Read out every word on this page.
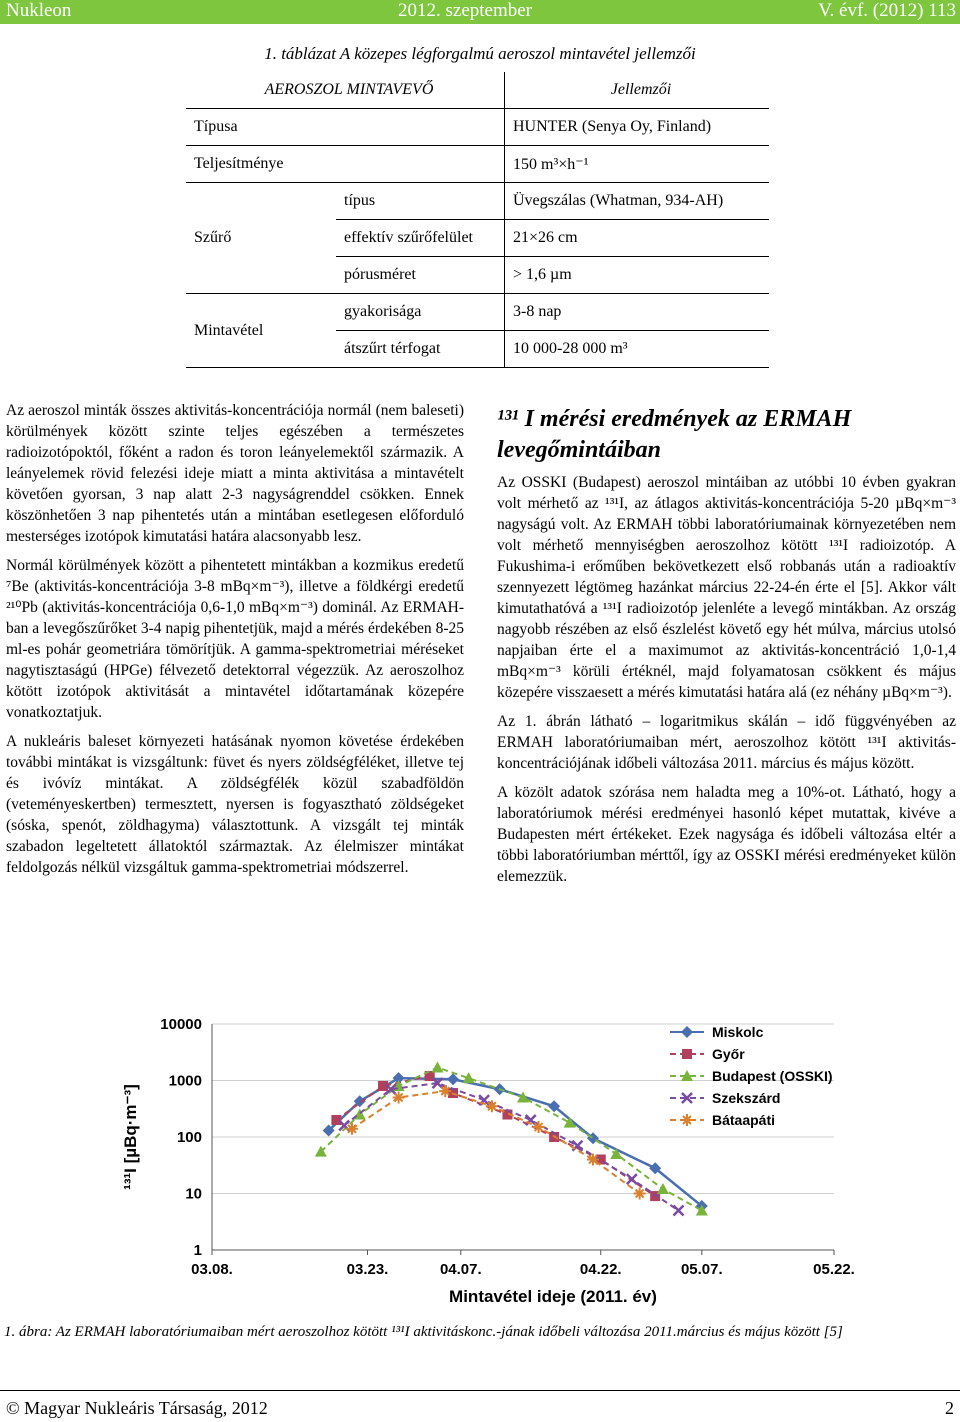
Nukleon	2012. szeptember	V. évf. (2012) 113
1. táblázat A közepes légforgalmú aeroszol mintavétel jellemzői
AEROSZOL MINTAVEVŐ		Jellemzői
Típusa		HUNTER (Senya Oy, Finland)
Teljesítménye		150 m³×h⁻¹
Szűrő	típus	Üvegszálas (Whatman, 934-AH)
	effektív szűrőfelület	21×26 cm
	pórusméret	> 1,6 µm
Mintavétel	gyakorisága	3-8 nap
	átszűrt térfogat	10 000-28 000 m³

Az aeroszol minták összes aktivitás-koncentrációja normál (nem baleseti) körülmények között szinte teljes egészében a természetes radioizotópoktól, főként a radon és toron leányelemektől származik. A leányelemek rövid felezési ideje miatt a minta aktivitása a mintavételt követően gyorsan, 3 nap alatt 2-3 nagyságrenddel csökken. Ennek köszönhetően 3 nap pihentetés után a mintában esetlegesen előforduló mesterséges izotópok kimutatási határa alacsonyabb lesz.

Normál körülmények között a pihentetett mintákban a kozmikus eredetű ⁷Be (aktivitás-koncentrációja 3-8 mBq×m⁻³), illetve a földkérgi eredetű ²¹⁰Pb (aktivitás-koncentrációja 0,6-1,0 mBq×m⁻³) dominál. Az ERMAH-ban a levegőszűrőket 3-4 napig pihentetjük, majd a mérés érdekében 8-25 ml-es pohár geometriára tömörítjük. A gamma-spektrometriai méréseket nagytisztaságú (HPGe) félvezető detektorral végezzük. Az aeroszolhoz kötött izotópok aktivitását a mintavétel időtartamának közepére vonatkoztatjuk.

A nukleáris baleset környezeti hatásának nyomon követése érdekében további mintákat is vizsgáltunk: füvet és nyers zöldségféléket, illetve tej és ivóvíz mintákat. A zöldségfélék közül szabadföldön (veteményeskertben) termesztett, nyersen is fogyasztható zöldségeket (sóska, spenót, zöldhagyma) választottunk. A vizsgált tej minták szabadon legeltetett állatoktól származtak. Az élelmiszer mintákat feldolgozás nélkül vizsgáltuk gamma-spektrometriai módszerrel.

¹³¹ I mérési eredmények az ERMAH levegőmintáiban

Az OSSKI (Budapest) aeroszol mintáiban az utóbbi 10 évben gyakran volt mérhető az ¹³¹I, az átlagos aktivitás-koncentrációja 5-20 µBq×m⁻³ nagyságú volt. Az ERMAH többi laboratóriumainak környezetében nem volt mérhető mennyiségben aeroszolhoz kötött ¹³¹I radioizotóp. A Fukushima-i erőműben bekövetkezett első robbanás után a radioaktív szennyezett légtömeg hazánkat március 22-24-én érte el [5]. Akkor vált kimutathatóvá a ¹³¹I radioizotóp jelenléte a levegő mintákban. Az ország nagyobb részében az első észlelést követő egy hét múlva, március utolsó napjaiban érte el a maximumot az aktivitás-koncentráció 1,0-1,4 mBq×m⁻³ körüli értéknél, majd folyamatosan csökkent és május közepére visszaesett a mérés kimutatási határa alá (ez néhány µBq×m⁻³).

Az 1. ábrán látható – logaritmikus skálán – idő függvényében az ERMAH laboratóriumaiban mért, aeroszolhoz kötött ¹³¹I aktivitás-koncentrációjának időbeli változása 2011. március és május között.

A közölt adatok szórása nem haladta meg a 10%-ot. Látható, hogy a laboratóriumok mérési eredményei hasonló képet mutattak, kivéve a Budapesten mért értékeket. Ezek nagysága és időbeli változása eltér a többi laboratóriumban mérttől, így az OSSKI mérési eredményeket külön elemezzük.

1
10
100
1000
10000
03.08.	03.23.	04.07.	04.22.	05.07.	05.22.
¹³¹I [µBq·m⁻³]
Mintavétel ideje (2011. év)
Miskolc
Győr
Budapest (OSSKI)
Szekszárd
Bátaapáti
1. ábra: Az ERMAH laboratóriumaiban mért aeroszolhoz kötött ¹³¹I aktivitáskonc.-jának időbeli változása 2011.március és május között [5]
© Magyar Nukleáris Társaság, 2012	2
